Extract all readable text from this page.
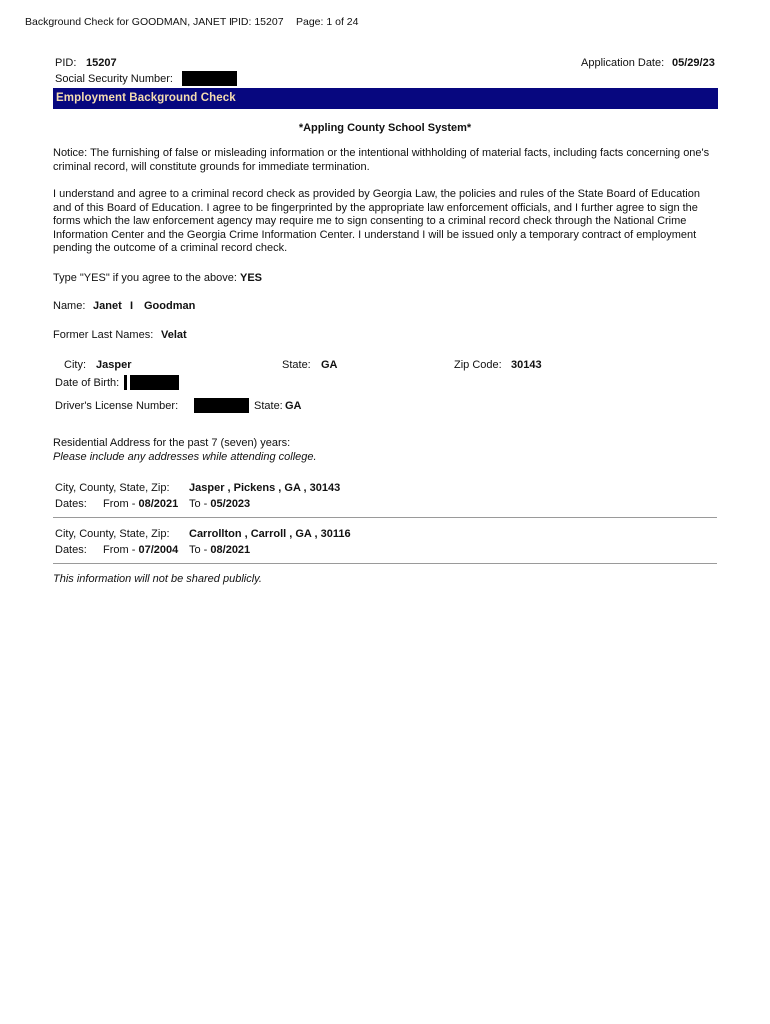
Background Check for GOODMAN, JANET I PID: 15207 Page: 1 of 24
PID: 15207	Application Date: 05/29/23
Social Security Number:
Employment Background Check
*Appling County School System*
Notice: The furnishing of false or misleading information or the intentional withholding of material facts, including facts concerning one's criminal record, will constitute grounds for immediate termination.
I understand and agree to a criminal record check as provided by Georgia Law, the policies and rules of the State Board of Education and of this Board of Education. I agree to be fingerprinted by the appropriate law enforcement officials, and I further agree to sign the forms which the law enforcement agency may require me to sign consenting to a criminal record check through the National Crime Information Center and the Georgia Crime Information Center. I understand I will be issued only a temporary contract of employment pending the outcome of a criminal record check.
Type "YES" if you agree to the above: YES
Name: Janet I Goodman
Former Last Names: Velat
City: Jasper	State: GA	Zip Code: 30143
Date of Birth:
Driver's License Number:	State: GA
Residential Address for the past 7 (seven) years:
Please include any addresses while attending college.
City, County, State, Zip: Jasper , Pickens , GA , 30143
Dates: From - 08/2021 To - 05/2023
City, County, State, Zip: Carrollton , Carroll , GA , 30116
Dates: From - 07/2004 To - 08/2021
This information will not be shared publicly.
